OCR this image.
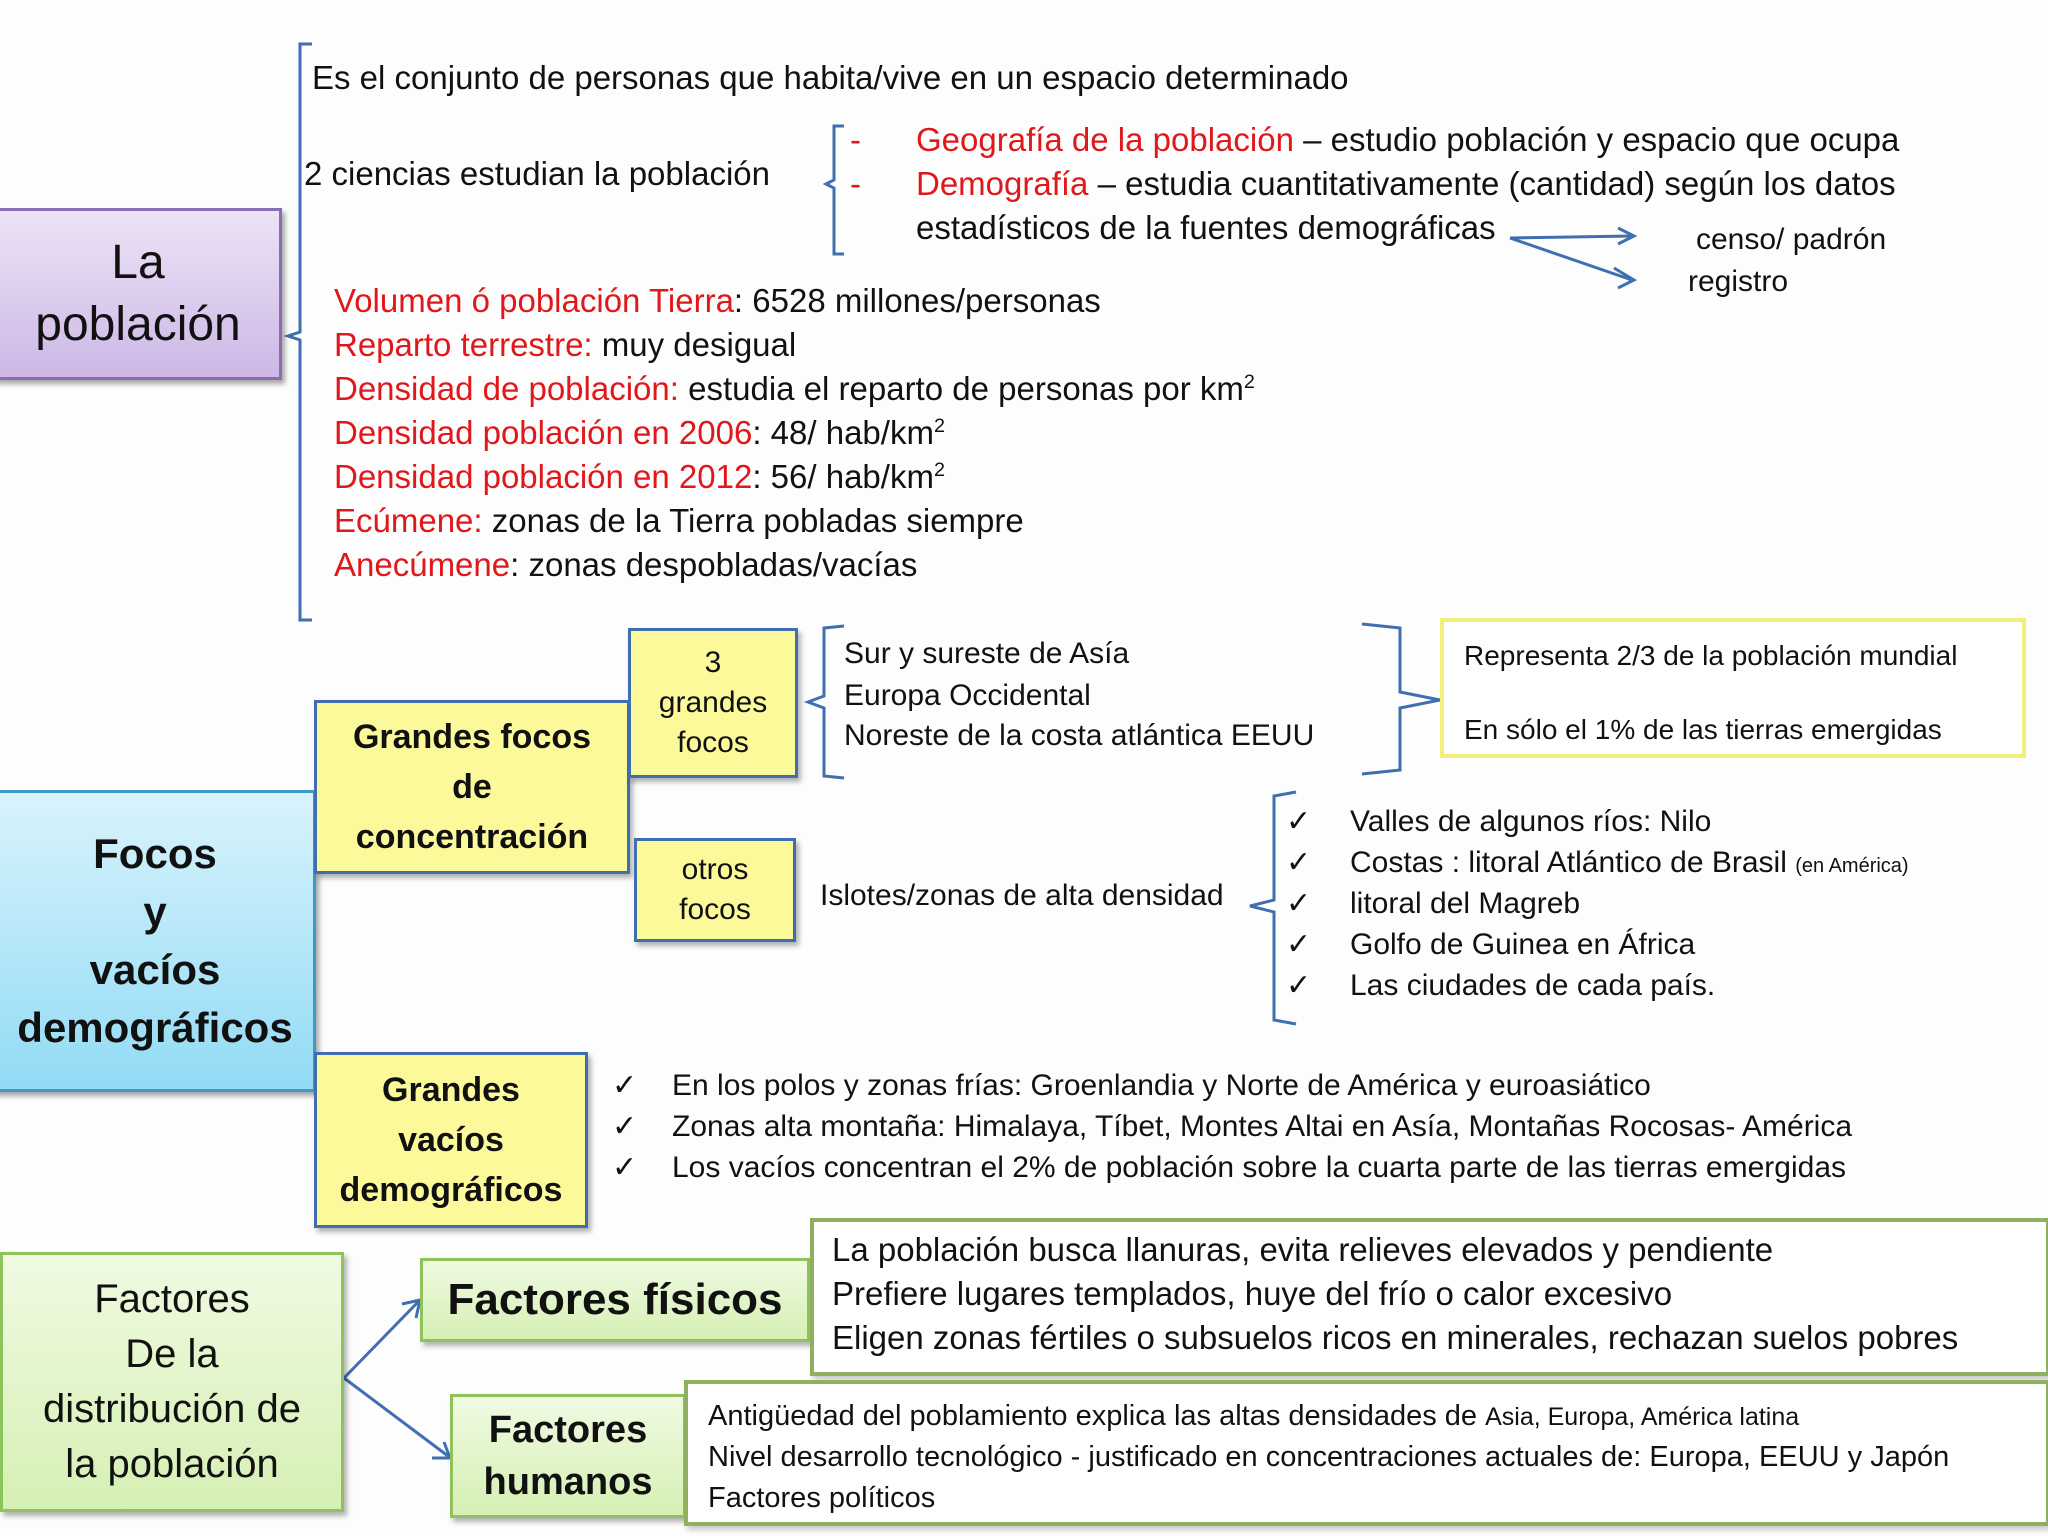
La
población
Es el conjunto de personas que habita/vive en un espacio determinado
2 ciencias estudian la población
- Geografía de la población – estudio población y espacio que ocupa
- Demografía – estudia cuantitativamente (cantidad) según los datos
estadísticos de la fuentes demográficas	censo/ padrón
registro
Volumen ó población Tierra: 6528 millones/personas
Reparto terrestre: muy desigual
Densidad de población: estudia el reparto de personas por $km^2$
Densidad población en 2006: 48/ hab/$km^2$
Densidad población en 2012: 56/ hab/$km^2$
Ecúmene: zonas de la Tierra pobladas siempre
Anecúmene: zonas despobladas/vacías
Focos
y
vacíos
demográficos
Grandes focos
de
concentración
3
grandes
focos
Sur y sureste de Asía
Europa Occidental
Noreste de la costa atlántica EEUU
Representa 2/3 de la población mundial
En sólo el 1% de las tierras emergidas
otros
focos Islotes/zonas de alta densidad
✓ Valles de algunos ríos: Nilo
✓ Costas : litoral Atlántico de Brasil (en América)
✓ litoral del Magreb
✓ Golfo de Guinea en África
✓ Las ciudades de cada país.
Grandes
vacíos
demográficos
✓ En los polos y zonas frías: Groenlandia y Norte de América y euroasiático
✓ Zonas alta montaña: Himalaya, Tíbet, Montes Altai en Asía, Montañas Rocosas- América
✓ Los vacíos concentran el 2% de población sobre la cuarta parte de las tierras emergidas
Factores
De la
distribución de
la población
Factores físicos
La población busca llanuras, evita relieves elevados y pendiente
Prefiere lugares templados, huye del frío o calor excesivo
Eligen zonas fértiles o subsuelos ricos en minerales, rechazan suelos pobres
Factores
humanos
Antigüedad del poblamiento explica las altas densidades de Asia, Europa, América latina
Nivel desarrollo tecnológico - justificado en concentraciones actuales de: Europa, EEUU y Japón
Factores políticos
